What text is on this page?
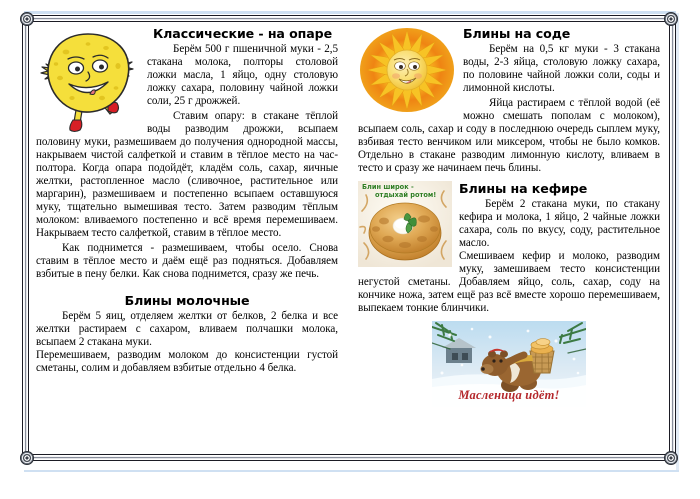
Классические - на опаре

Берём 500 г пшеничной муки - 2,5 стакана молока, полторы столовой ложки масла, 1 яйцо, одну столовую ложку сахара, половину чайной ложки соли, 25 г дрожжей.

Ставим опару: в стакане тёплой воды разводим дрожжи, всыпаем половину муки, размешиваем до получения однородной массы, накрываем чистой салфеткой и ставим в тёплое место на час-полтора. Когда опара подойдёт, кладём соль, сахар, яичные желтки, растопленное масло (сливочное, растительное или маргарин), размешиваем и постепенно всыпаем оставшуюся муку, тщательно вымешивая тесто. Затем разводим тёплым молоком: вливаемого постепенно и всё время перемешиваем. Накрываем тесто салфеткой, ставим в тёплое место.

Как поднимется - размешиваем, чтобы осело. Снова ставим в тёплое место и даём ещё раз подняться. Добавляем взбитые в пену белки. Как снова поднимется, сразу же печь.

Блины молочные

Берём 5 яиц, отделяем желтки от белков, 2 белка и все желтки растираем с сахаром, вливаем полчашки молока, всыпаем 2 стакана муки.

Перемешиваем, разводим молоком до консистенции густой сметаны, солим и добавляем взбитые отдельно 4 белка.

Блины на соде

Берём на 0,5 кг муки - 3 стакана воды, 2-3 яйца, столовую ложку сахара, по половине чайной ложки соли, соды и лимонной кислоты.

Яйца растираем с тёплой водой (её можно смешать пополам с молоком), всыпаем соль, сахар и соду в последнюю очередь сыплем муку, взбивая тесто венчиком или миксером, чтобы не было комков. Отдельно в стакане разводим лимонную кислоту, вливаем в тесто и сразу же начинаем печь блины.

Блин широк -
отдыхай ротом!	Блины на кефире

Берём 2 стакана муки, по стакану кефира и молока, 1 яйцо, 2 чайные ложки сахара, соль по вкусу, соду, растительное масло.

Смешиваем кефир и молоко, разводим муку, замешиваем тесто консистенции негустой сметаны. Добавляем яйцо, соль, сахар, соду на кончике ножа, затем ещё раз всё вместе хорошо перемешиваем, выпекаем тонкие блинчики.

Масленица идёт!
